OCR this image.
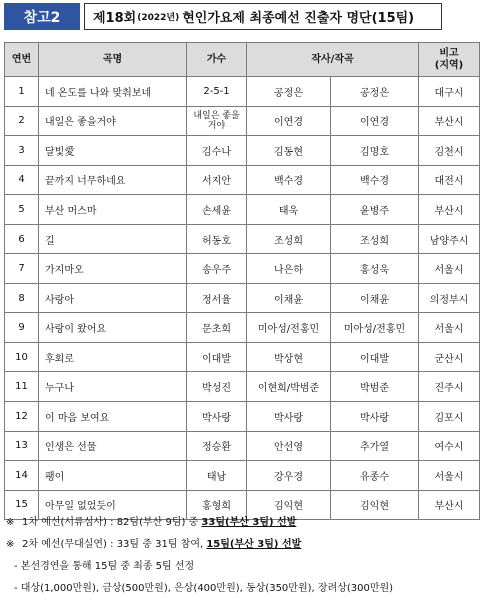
참고2	제18회 (2022년) 현인가요제 최종예선 진출자 명단(15팀)
연번	곡명	가수	작사/작곡		비고
(지역)
1	네 온도를 나와 맞춰보네	2-5-1	공정은	공정은	대구시
2	내일은 좋을거야	내일은 좋을거야	이연경	이연경	부산시
3	달빛愛	김수나	김동현	김명호	김천시
4	끝까지 너무하네요	서지안	백수경	백수경	대전시
5	부산 머스마	손세윤	태욱	윤병주	부산시
6	길	허동호	조성희	조성희	남양주시
7	가지마오	송우주	나은하	홍성욱	서울시
8	사랑아	정서율	이채윤	이채윤	의정부시
9	사랑이 왔어요	문초희	미아성/전홍민	미아성/전홍민	서울시
10	후회로	이대발	박상현	이대발	군산시
11	누구나	박성진	이현희/박범준	박범준	진주시
12	이 마음 보여요	박사랑	박사랑	박사랑	김포시
13	인생은 선물	정승환	안선영	추가열	여수시
14	팽이	태남	강우경	유종수	서울시
15	아무일 없었듯이	홍형희	김익현	김익현	부산시
※ 1차 예선(서류심사) : 82팀(부산 9팀) 중 33팀(부산 3팀) 선발
※ 2차 예선(무대실연) : 33팀 중 31팀 참여, 15팀(부산 3팀) 선발
- 본선경연을 통해 15팀 중 최종 5팀 선정
- 대상(1,000만원), 금상(500만원), 은상(400만원), 동상(350만원), 장려상(300만원)
